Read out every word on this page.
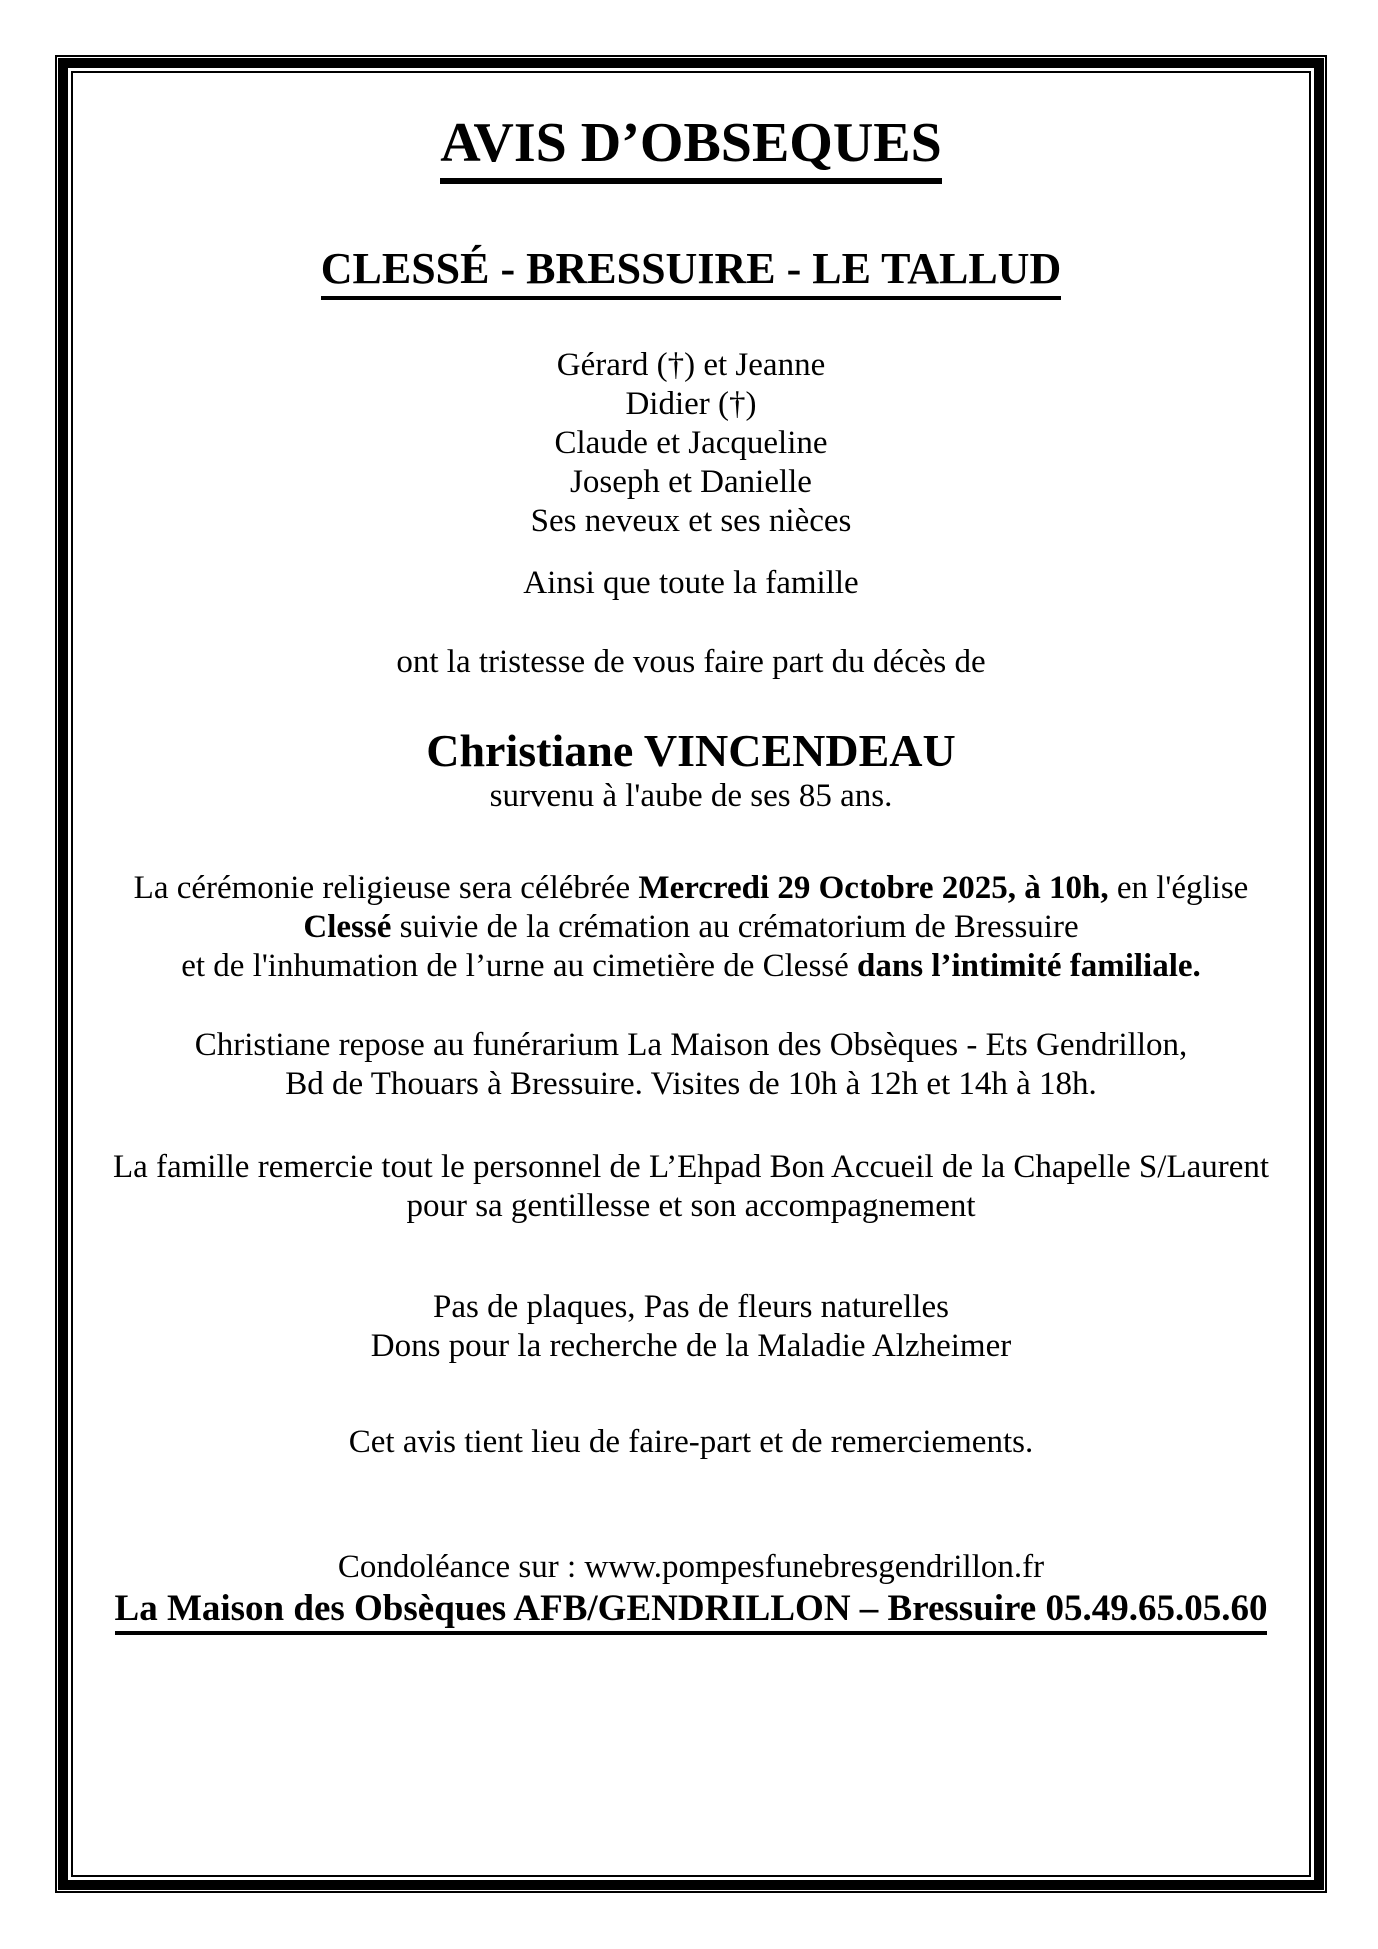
AVIS D’OBSEQUES
CLESSÉ - BRESSUIRE - LE TALLUD

Gérard (†) et Jeanne

Didier (†)

Claude et Jacqueline

Joseph et Danielle

Ses neveux et ses nièces

Ainsi que toute la famille

ont la tristesse de vous faire part du décès de

Christiane VINCENDEAU

survenu à l'aube de ses 85 ans.

La cérémonie religieuse sera célébrée Mercredi 29 Octobre 2025, à 10h, en l'église

Clessé suivie de la crémation au crématorium de Bressuire

et de l'inhumation de l’urne au cimetière de Clessé dans l’intimité familiale.

Christiane repose au funérarium La Maison des Obsèques - Ets Gendrillon,

Bd de Thouars à Bressuire. Visites de 10h à 12h et 14h à 18h.

La famille remercie tout le personnel de L’Ehpad Bon Accueil de la Chapelle S/Laurent

pour sa gentillesse et son accompagnement

Pas de plaques, Pas de fleurs naturelles

Dons pour la recherche de la Maladie Alzheimer

Cet avis tient lieu de faire-part et de remerciements.

Condoléance sur : www.pompesfunebresgendrillon.fr

La Maison des Obsèques AFB/GENDRILLON – Bressuire 05.49.65.05.60
